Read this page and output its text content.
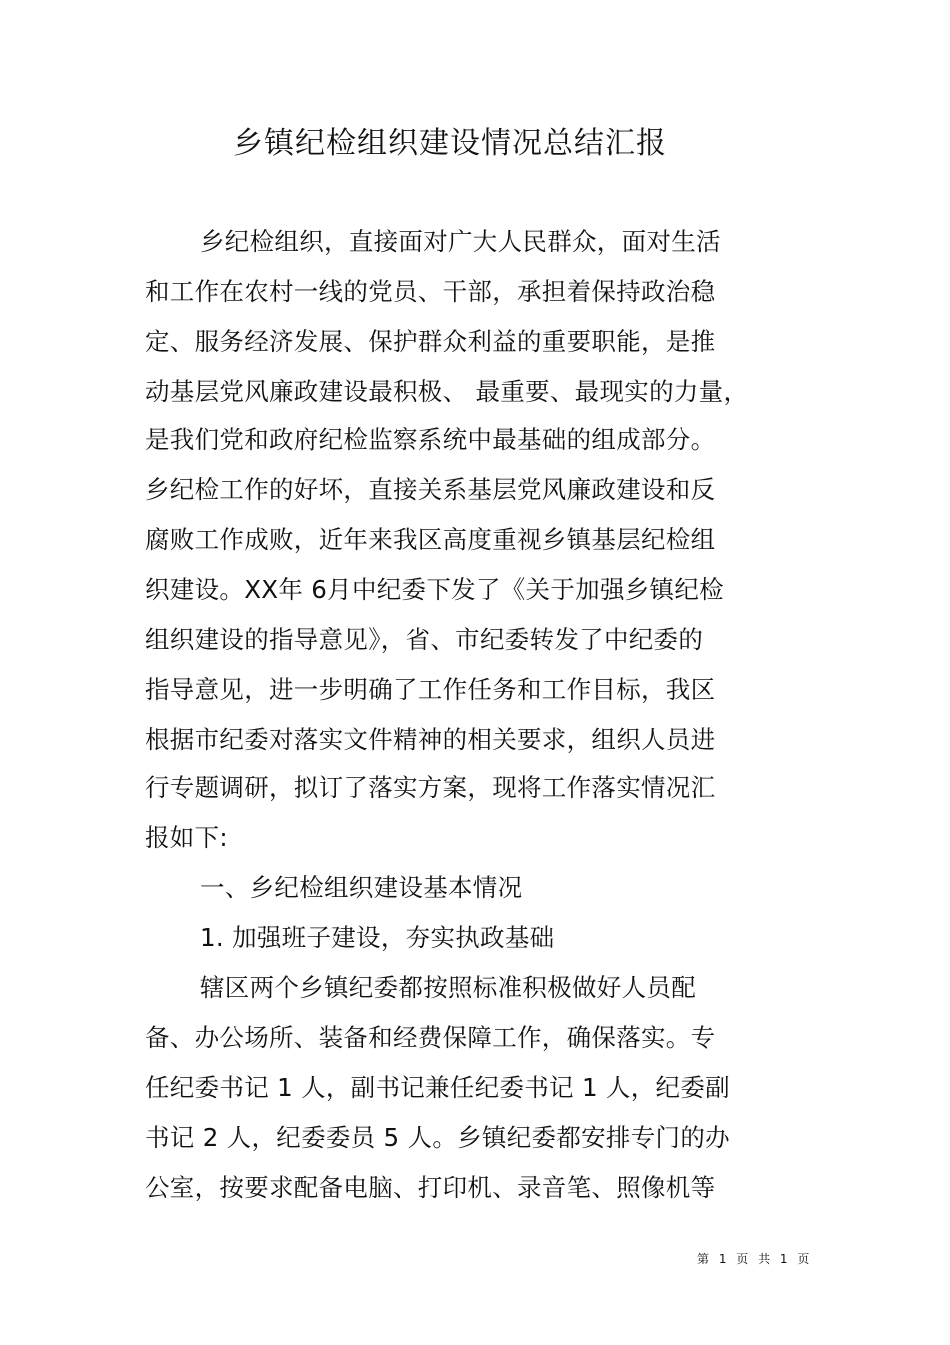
乡镇纪检组织建设情况总结汇报
乡纪检组织，直接面对广大人民群众，面对生活
和工作在农村一线的党员、干部，承担着保持政治稳
定、服务经济发展、保护群众利益的重要职能，是推
动基层党风廉政建设最积极、 最重要、最现实的力量，
是我们党和政府纪检监察系统中最基础的组成部分。
乡纪检工作的好坏，直接关系基层党风廉政建设和反
腐败工作成败，近年来我区高度重视乡镇基层纪检组
织建设。XX年 6月中纪委下发了《关于加强乡镇纪检
组织建设的指导意见》，省、市纪委转发了中纪委的
指导意见，进一步明确了工作任务和工作目标，我区
根据市纪委对落实文件精神的相关要求，组织人员进
行专题调研，拟订了落实方案，现将工作落实情况汇
报如下:
一、乡纪检组织建设基本情况
1. 加强班子建设，夯实执政基础
辖区两个乡镇纪委都按照标准积极做好人员配
备、办公场所、装备和经费保障工作，确保落实。专
任纪委书记 1 人，副书记兼任纪委书记 1 人，纪委副
书记 2 人，纪委委员 5 人。乡镇纪委都安排专门的办
公室，按要求配备电脑、打印机、录音笔、照像机等
第 1 页 共 1 页
